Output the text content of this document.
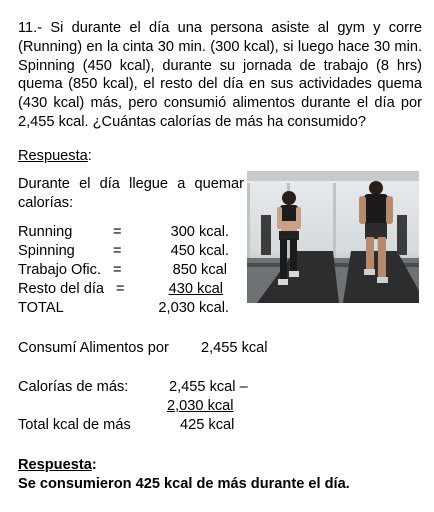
11.- Si durante el día una persona asiste al gym y corre (Running) en la cinta 30 min. (300 kcal), si luego hace 30 min. Spinning (450 kcal), durante su jornada de trabajo (8 hrs) quema (850 kcal), el resto del día en sus actividades quema (430 kcal) más, pero consumió alimentos durante el día por 2,455 kcal. ¿Cuántas calorías de más ha consumido?
Respuesta:
Durante el día llegue a quemar calorías:
Running	=	300 kcal.
Spinning	=	450 kcal.
Trabajo Ofic. =	850 kcal
Resto del día =	430 kcal
TOTAL	2,030 kcal.
Consumí Alimentos por 2,455 kcal
Calorías de más:	2,455 kcal –
2,030 kcal
Total kcal de más	425 kcal
Respuesta:
Se consumieron 425 kcal de más durante el día.
